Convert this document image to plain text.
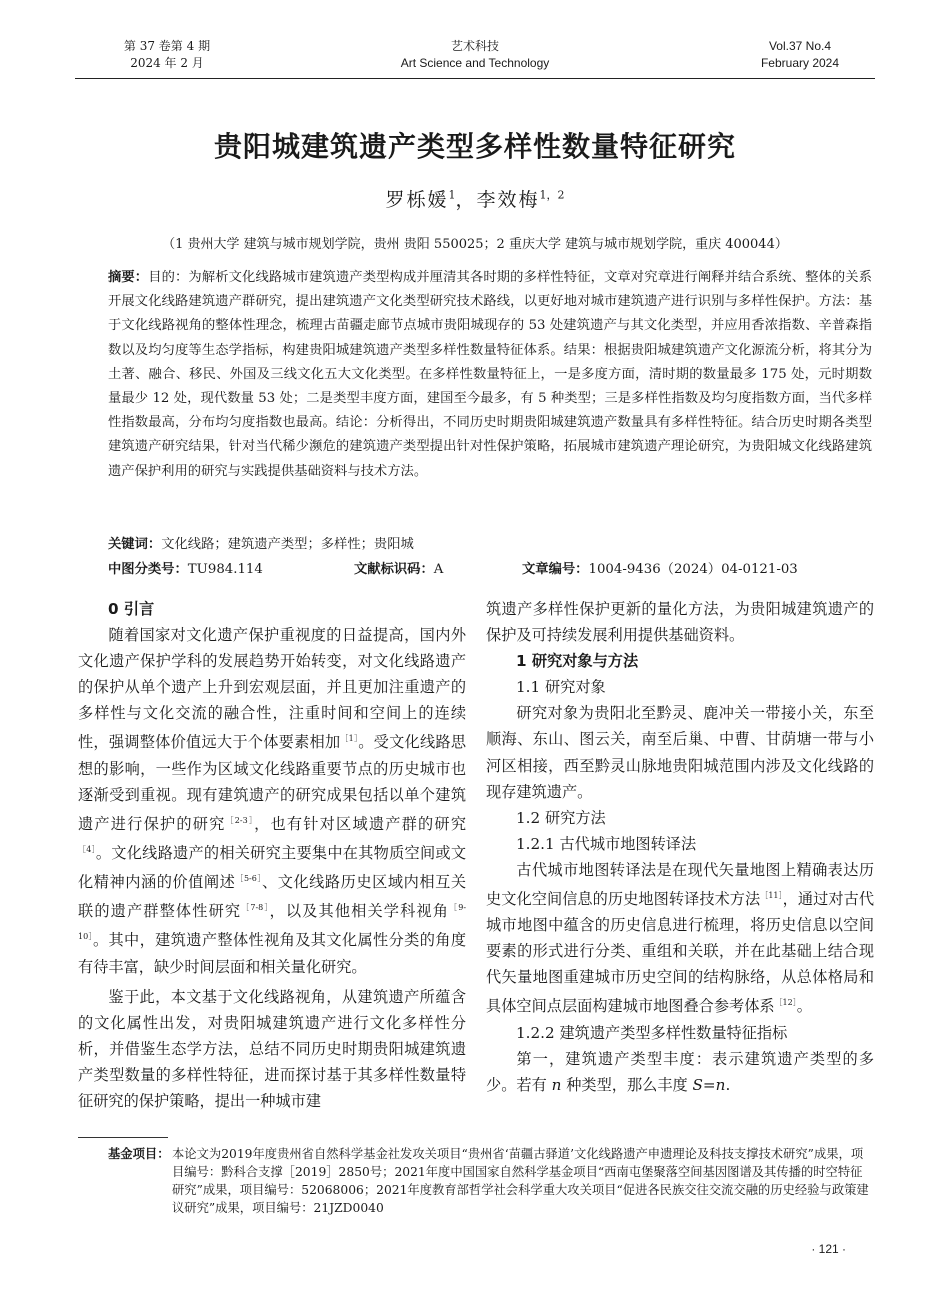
第 37 卷第 4 期
2024 年 2 月
艺术科技
Art Science and Technology
Vol.37 No.4
February 2024
贵阳城建筑遗产类型多样性数量特征研究
罗栎媛$^1$，李效梅$^{1,2}$
（1 贵州大学 建筑与城市规划学院，贵州 贵阳 550025；2 重庆大学 建筑与城市规划学院，重庆 400044）
摘要：目的：为解析文化线路城市建筑遗产类型构成并厘清其各时期的多样性特征，文章对究章进行阐释并结合系统、整体的关系开展文化线路建筑遗产群研究，提出建筑遗产文化类型研究技术路线，以更好地对城市建筑遗产进行识别与多样性保护。方法：基于文化线路视角的整体性理念，梳理古苗疆走廊节点城市贵阳城现存的 53 处建筑遗产与其文化类型，并应用香浓指数、辛普森指数以及均匀度等生态学指标，构建贵阳城建筑遗产类型多样性数量特征体系。结果：根据贵阳城建筑遗产文化源流分析，将其分为土著、融合、移民、外国及三线文化五大文化类型。在多样性数量特征上，一是多度方面，清时期的数量最多 175 处，元时期数量最少 12 处，现代数量 53 处；二是类型丰度方面，建国至今最多，有 5 种类型；三是多样性指数及均匀度指数方面，当代多样性指数最高，分布均匀度指数也最高。结论：分析得出，不同历史时期贵阳城建筑遗产数量具有多样性特征。结合历史时期各类型建筑遗产研究结果，针对当代稀少濒危的建筑遗产类型提出针对性保护策略，拓展城市建筑遗产理论研究，为贵阳城文化线路建筑遗产保护利用的研究与实践提供基础资料与技术方法。
关键词：文化线路；建筑遗产类型；多样性；贵阳城
中图分类号：TU984.114	文献标识码：A	文章编号：1004-9436（2024）04-0121-03

0 引言

随着国家对文化遗产保护重视度的日益提高，国内外文化遗产保护学科的发展趋势开始转变，对文化线路遗产的保护从单个遗产上升到宏观层面，并且更加注重遗产的多样性与文化交流的融合性，注重时间和空间上的连续性，强调整体价值远大于个体要素相加$^{[1]}$。受文化线路思想的影响，一些作为区域文化线路重要节点的历史城市也逐渐受到重视。现有建筑遗产的研究成果包括以单个建筑遗产进行保护的研究$^{[2-3]}$，也有针对区域遗产群的研究$^{[4]}$。文化线路遗产的相关研究主要集中在其物质空间或文化精神内涵的价值阐述$^{[5-6]}$、文化线路历史区域内相互关联的遗产群整体性研究$^{[7-8]}$，以及其他相关学科视角$^{[9-10]}$。其中，建筑遗产整体性视角及其文化属性分类的角度有待丰富，缺少时间层面和相关量化研究。

鉴于此，本文基于文化线路视角，从建筑遗产所蕴含的文化属性出发，对贵阳城建筑遗产进行文化多样性分析，并借鉴生态学方法，总结不同历史时期贵阳城建筑遗产类型数量的多样性特征，进而探讨基于其多样性数量特征研究的保护策略，提出一种城市建

筑遗产多样性保护更新的量化方法，为贵阳城建筑遗产的保护及可持续发展利用提供基础资料。

1 研究对象与方法

1.1 研究对象

研究对象为贵阳北至黔灵、鹿冲关一带接小关，东至顺海、东山、图云关，南至后巢、中曹、甘荫塘一带与小河区相接，西至黔灵山脉地贵阳城范围内涉及文化线路的现存建筑遗产。

1.2 研究方法

1.2.1 古代城市地图转译法

古代城市地图转译法是在现代矢量地图上精确表达历史文化空间信息的历史地图转译技术方法$^{[11]}$，通过对古代城市地图中蕴含的历史信息进行梳理，将历史信息以空间要素的形式进行分类、重组和关联，并在此基础上结合现代矢量地图重建城市历史空间的结构脉络，从总体格局和具体空间点层面构建城市地图叠合参考体系$^{[12]}$。

1.2.2 建筑遗产类型多样性数量特征指标

第一，建筑遗产类型丰度：表示建筑遗产类型的多少。若有 n 种类型，那么丰度 S=n.

基金项目： 本论文为2019年度贵州省自然科学基金社发攻关项目“贵州省‘苗疆古驿道’文化线路遗产申遗理论及科技支撑技术研究”成果，项目编号：黔科合支撑［2019］2850号；2021年度中国国家自然科学基金项目“西南屯堡聚落空间基因图谱及其传播的时空特征研究”成果，项目编号：52068006；2021年度教育部哲学社会科学重大攻关项目“促进各民族交往交流交融的历史经验与政策建议研究”成果，项目编号：21JZD0040
· 121 ·
